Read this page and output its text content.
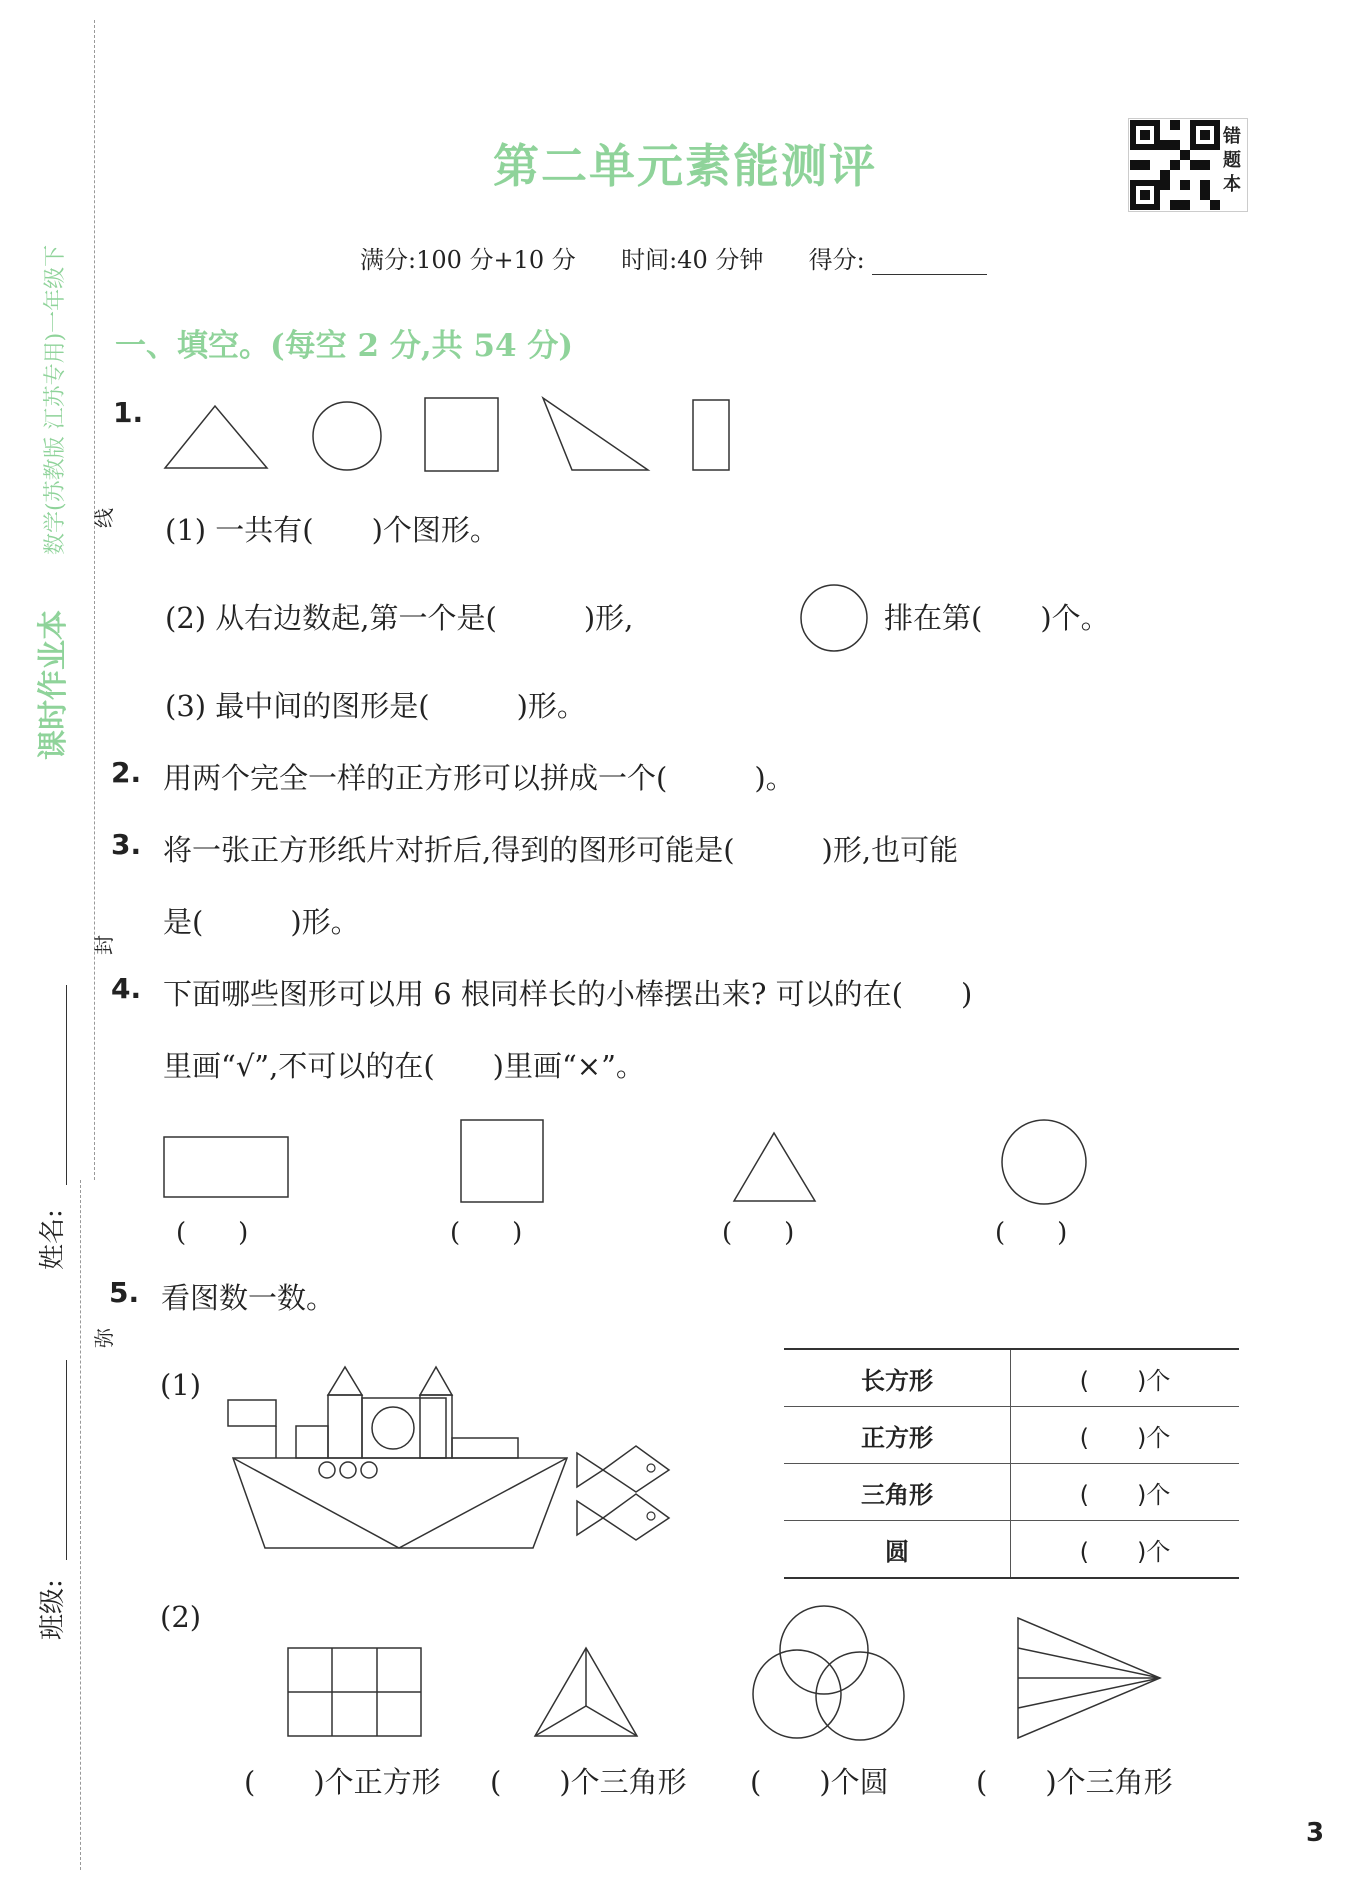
数学(苏教版 江苏专用)一年级下
课时作业本
线
封
弥
姓名:
班级:
第二单元素能测评
错题本
满分:100 分+10 分 时间:40 分钟 得分:
一、填空。(每空 2 分,共 54 分)
1.
(1) 一共有(　　)个图形。
(2) 从右边数起,第一个是(　　　)形,	排在第(　　)个。
(3) 最中间的图形是(　　　)形。
2. 用两个完全一样的正方形可以拼成一个(　　　)。
3. 将一张正方形纸片对折后,得到的图形可能是(　　　)形,也可能
是(　　　)形。
4. 下面哪些图形可以用 6 根同样长的小棒摆出来? 可以的在(　　)
里画“√”,不可以的在(　　)里画“×”。
(　　)	(　　)	(　　)	(　　)
5. 看图数一数。
(1)	长方形	(　　)个
正方形	(　　)个
三角形	(　　)个
圆	(　　)个
(2)
(　　)个正方形 (　　)个三角形 (　　)个圆	(　　)个三角形
3
